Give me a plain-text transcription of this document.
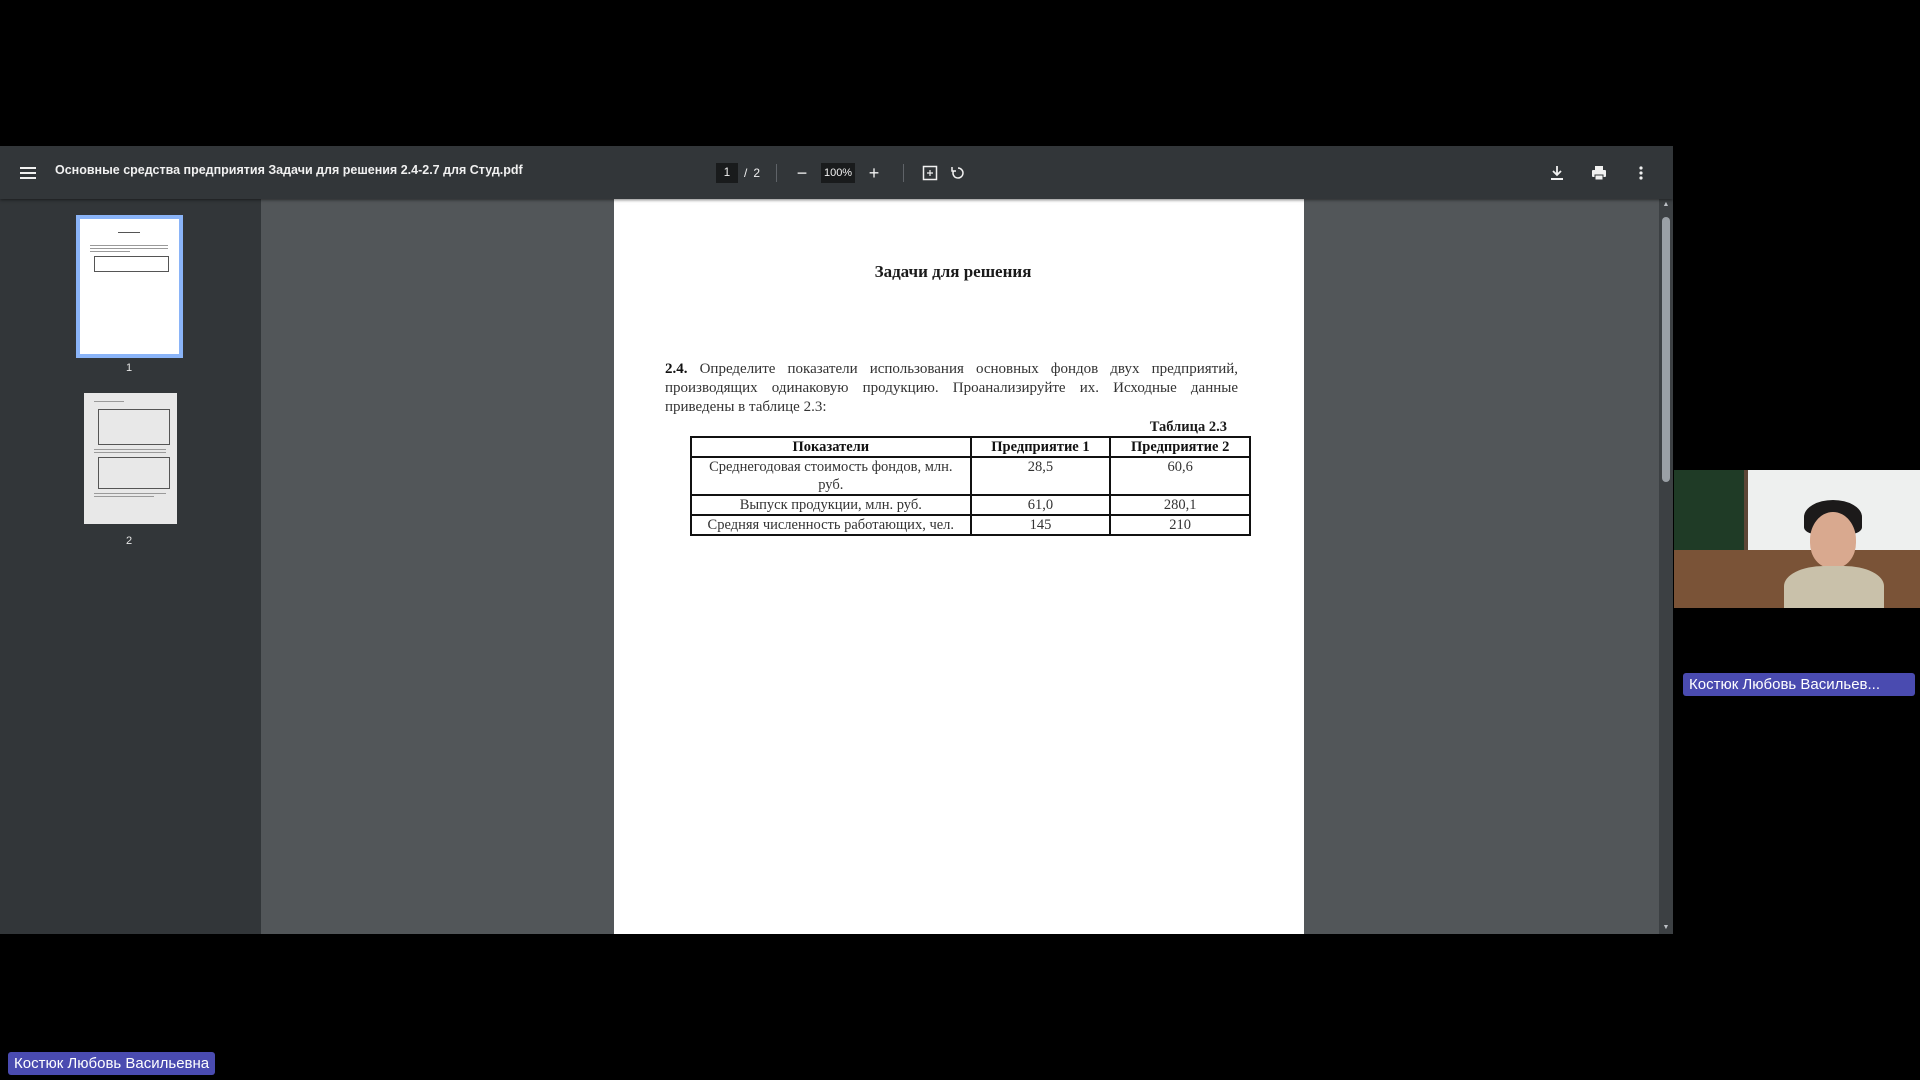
Основные средства предприятия Задачи для решения 2.4-2.7 для Студ.pdf
1	/ 2	−
100%	+
1
2
Задачи для решения
2.4. Определите показатели использования основных фондов двух предприятий, производящих одинаковую продукцию. Проанализируйте их. Исходные данные приведены в таблице 2.3:
Таблица 2.3
Показатели	Предприятие 1	Предприятие 2
Среднегодовая стоимость фондов, млн. руб.	28,5	60,6
Выпуск продукции, млн. руб.	61,0	280,1
Средняя численность работающих, чел.	145	210
▲
▼
Костюк Любовь Васильев...
Костюк Любовь Васильевна
